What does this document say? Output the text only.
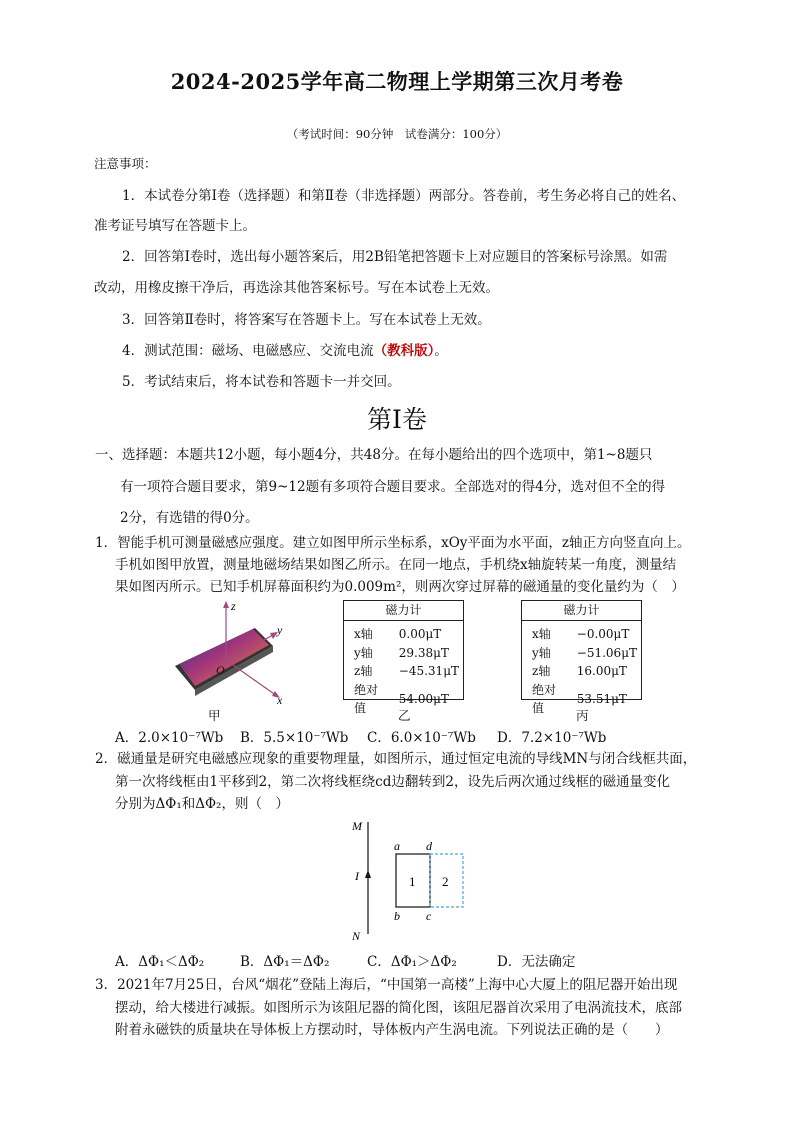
2024-2025学年高二物理上学期第三次月考卷
（考试时间：90分钟　试卷满分：100分）
注意事项：
1．本试卷分第Ⅰ卷（选择题）和第Ⅱ卷（非选择题）两部分。答卷前，考生务必将自己的姓名、
准考证号填写在答题卡上。
2．回答第Ⅰ卷时，选出每小题答案后，用2B铅笔把答题卡上对应题目的答案标号涂黑。如需
改动，用橡皮擦干净后，再选涂其他答案标号。写在本试卷上无效。
3．回答第Ⅱ卷时，将答案写在答题卡上。写在本试卷上无效。
4．测试范围：磁场、电磁感应、交流电流（教科版）。
5．考试结束后，将本试卷和答题卡一并交回。
第Ⅰ卷
一、选择题：本题共12小题，每小题4分，共48分。在每小题给出的四个选项中，第1~8题只
有一项符合题目要求，第9~12题有多项符合题目要求。全部选对的得4分，选对但不全的得
2分，有选错的得0分。
1．智能手机可测量磁感应强度。建立如图甲所示坐标系，xOy平面为水平面，z轴正方向竖直向上。
手机如图甲放置，测量地磁场结果如图乙所示。在同一地点，手机绕x轴旋转某一角度，测量结
果如图丙所示。已知手机屏幕面积约为0.009m²，则两次穿过屏幕的磁通量的变化量约为（　）
z
y
x
O
磁力计
x轴	0.00μT
y轴	29.38μT
z轴	−45.31μT
绝对值	54.00μT
磁力计
x轴	−0.00μT
y轴	−51.06μT
z轴	16.00μT
绝对值	53.51μT
甲	乙	丙
A．2.0×10⁻⁷Wb B．5.5×10⁻⁷Wb C．6.0×10⁻⁷Wb D．7.2×10⁻⁷Wb
2．磁通量是研究电磁感应现象的重要物理量，如图所示，通过恒定电流的导线MN与闭合线框共面，
第一次将线框由1平移到2，第二次将线框绕cd边翻转到2，设先后两次通过线框的磁通量变化
分别为ΔΦ₁和ΔΦ₂，则（　）
M
N
I
a d
b c
1 2
A．ΔΦ₁＜ΔΦ₂	B．ΔΦ₁＝ΔΦ₂	C．ΔΦ₁＞ΔΦ₂	D．无法确定
3．2021年7月25日，台风“烟花”登陆上海后，“中国第一高楼”上海中心大厦上的阻尼器开始出现
摆动，给大楼进行减振。如图所示为该阻尼器的简化图，该阻尼器首次采用了电涡流技术，底部
附着永磁铁的质量块在导体板上方摆动时，导体板内产生涡电流。下列说法正确的是（　　）
